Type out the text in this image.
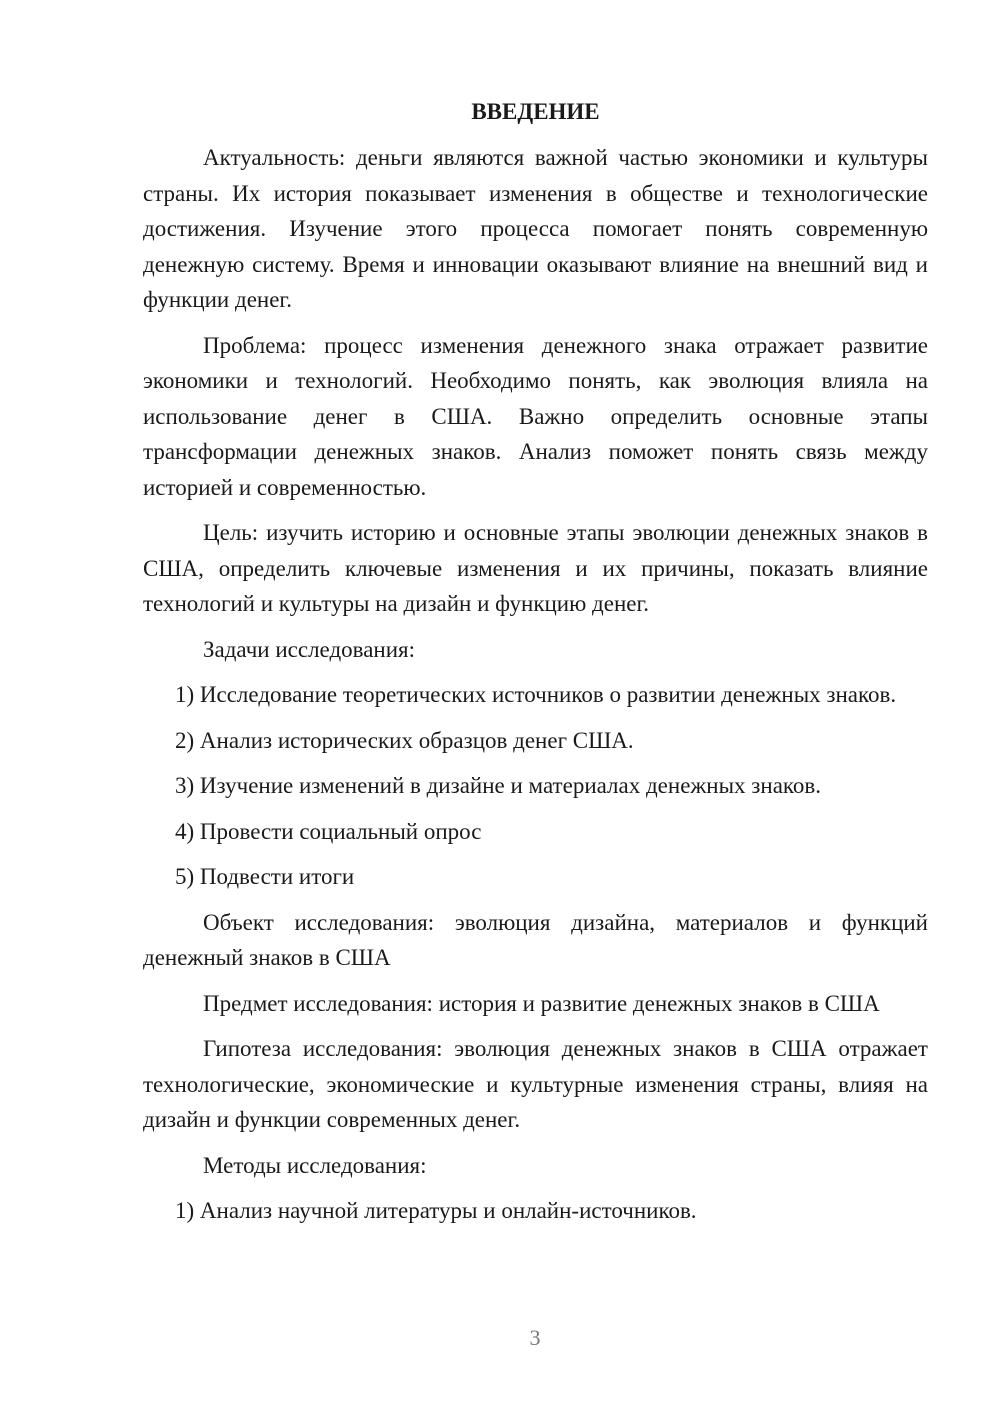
ВВЕДЕНИЕ

Актуальность: деньги являются важной частью экономики и культуры страны. Их история показывает изменения в обществе и технологические достижения. Изучение этого процесса помогает понять современную денежную систему. Время и инновации оказывают влияние на внешний вид и функции денег.

Проблема: процесс изменения денежного знака отражает развитие экономики и технологий. Необходимо понять, как эволюция влияла на использование денег в США. Важно определить основные этапы трансформации денежных знаков. Анализ поможет понять связь между историей и современностью.

Цель: изучить историю и основные этапы эволюции денежных знаков в США, определить ключевые изменения и их причины, показать влияние технологий и культуры на дизайн и функцию денег.

Задачи исследования:

1) Исследование теоретических источников о развитии денежных знаков.

2) Анализ исторических образцов денег США.

3) Изучение изменений в дизайне и материалах денежных знаков.

4) Провести социальный опрос

5) Подвести итоги

Объект исследования: эволюция дизайна, материалов и функций денежный знаков в США

Предмет исследования: история и развитие денежных знаков в США

Гипотеза исследования: эволюция денежных знаков в США отражает технологические, экономические и культурные изменения страны, влияя на дизайн и функции современных денег.

Методы исследования:

1) Анализ научной литературы и онлайн-источников.

3
